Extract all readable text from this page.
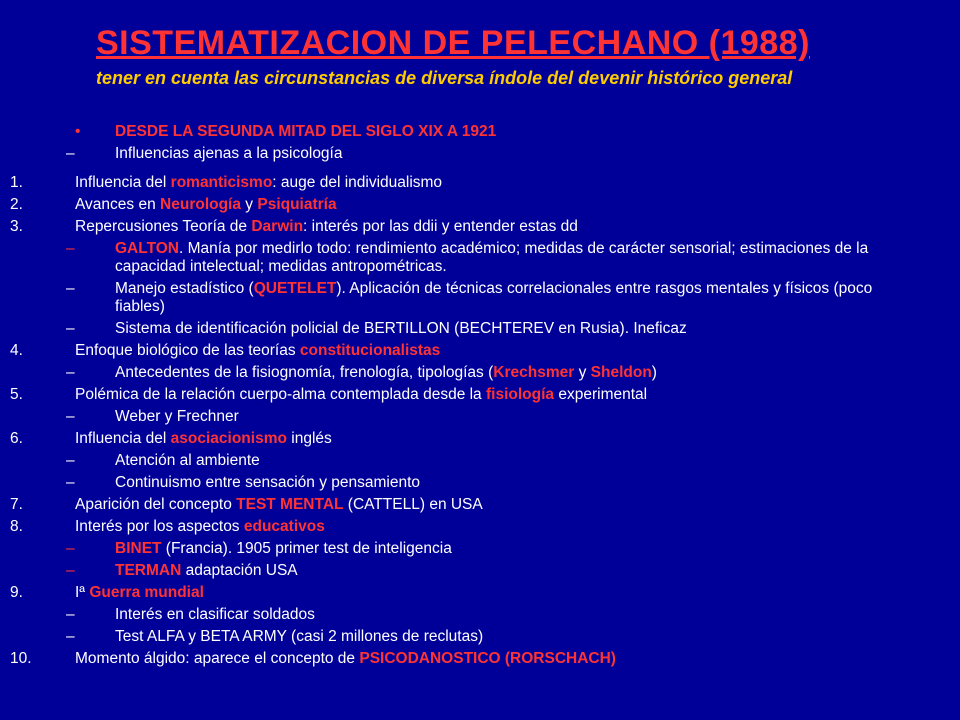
SISTEMATIZACION DE PELECHANO (1988)
tener en cuenta las circunstancias de diversa índole del devenir histórico general
• DESDE LA SEGUNDA MITAD DEL SIGLO XIX A 1921
–	Influencias ajenas a la psicología
1.	Influencia del romanticismo: auge del individualismo
2.	Avances en Neurología y Psiquiatría
3.	Repercusiones Teoría de Darwin: interés por las ddii y entender estas dd
–	GALTON. Manía por medirlo todo: rendimiento académico; medidas de carácter sensorial; estimaciones de la capacidad intelectual; medidas antropométricas.
–	Manejo estadístico (QUETELET). Aplicación de técnicas correlacionales entre rasgos mentales y físicos (poco fiables)
–	Sistema de identificación policial de BERTILLON (BECHTEREV en Rusia). Ineficaz
4.	Enfoque biológico de las teorías constitucionalistas
–	Antecedentes de la fisiognomía, frenología, tipologías (Krechsmer y Sheldon)
5.	Polémica de la relación cuerpo-alma contemplada desde la fisiología experimental
–	Weber y Frechner
6.	Influencia del asociacionismo inglés
–	Atención al ambiente
–	Continuismo entre sensación y pensamiento
7.	Aparición del concepto TEST MENTAL (CATTELL) en USA
8.	Interés por los aspectos educativos
–	BINET (Francia). 1905 primer test de inteligencia
–	TERMAN adaptación USA
9.	Iª Guerra mundial
–	Interés en clasificar soldados
–	Test ALFA y BETA ARMY (casi 2 millones de reclutas)
10.	Momento álgido: aparece el concepto de PSICODANOSTICO (RORSCHACH)
